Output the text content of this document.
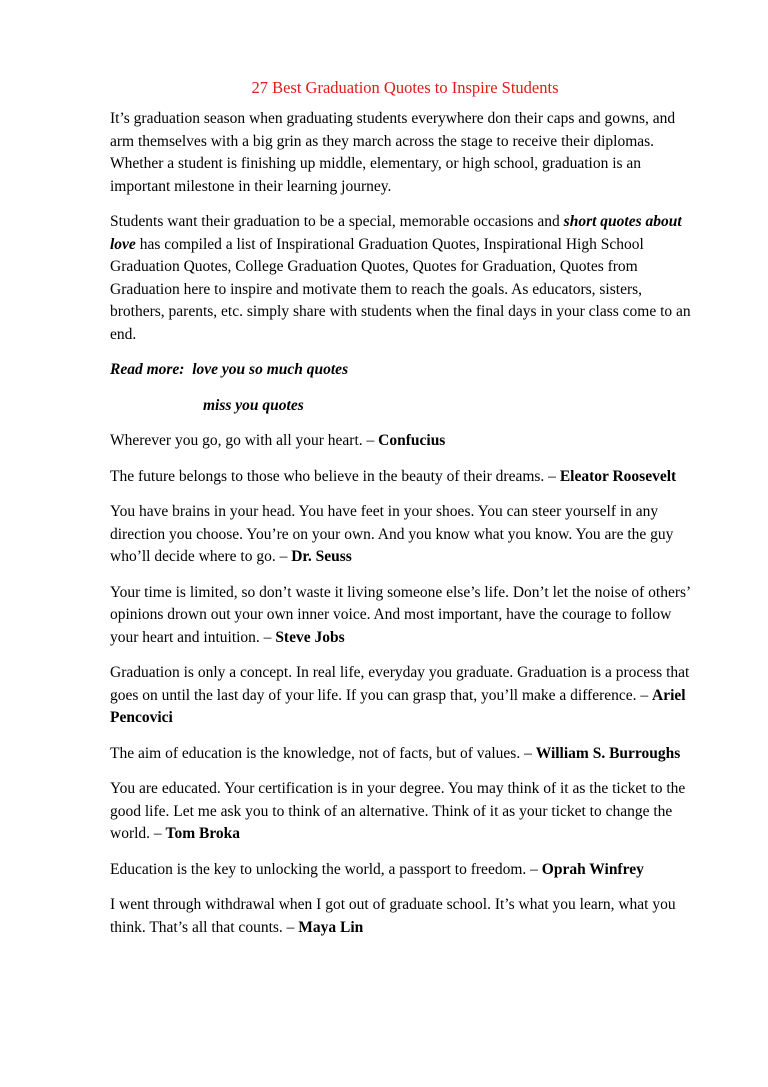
27 Best Graduation Quotes to Inspire Students

It’s graduation season when graduating students everywhere don their caps and gowns, and arm themselves with a big grin as they march across the stage to receive their diplomas. Whether a student is finishing up middle, elementary, or high school, graduation is an important milestone in their learning journey.

Students want their graduation to be a special, memorable occasions and short quotes about love has compiled a list of Inspirational Graduation Quotes, Inspirational High School Graduation Quotes, College Graduation Quotes, Quotes for Graduation, Quotes from Graduation here to inspire and motivate them to reach the goals. As educators, sisters, brothers, parents, etc. simply share with students when the final days in your class come to an end.

Read more: love you so much quotes

miss you quotes

Wherever you go, go with all your heart. – Confucius

The future belongs to those who believe in the beauty of their dreams. – Eleator Roosevelt

You have brains in your head. You have feet in your shoes. You can steer yourself in any direction you choose. You’re on your own. And you know what you know. You are the guy who’ll decide where to go. – Dr. Seuss

Your time is limited, so don’t waste it living someone else’s life. Don’t let the noise of others’ opinions drown out your own inner voice. And most important, have the courage to follow your heart and intuition. – Steve Jobs

Graduation is only a concept. In real life, everyday you graduate. Graduation is a process that goes on until the last day of your life. If you can grasp that, you’ll make a difference. – Ariel Pencovici

The aim of education is the knowledge, not of facts, but of values. – William S. Burroughs

You are educated. Your certification is in your degree. You may think of it as the ticket to the good life. Let me ask you to think of an alternative. Think of it as your ticket to change the world. – Tom Broka

Education is the key to unlocking the world, a passport to freedom. – Oprah Winfrey

I went through withdrawal when I got out of graduate school. It’s what you learn, what you think. That’s all that counts. – Maya Lin
